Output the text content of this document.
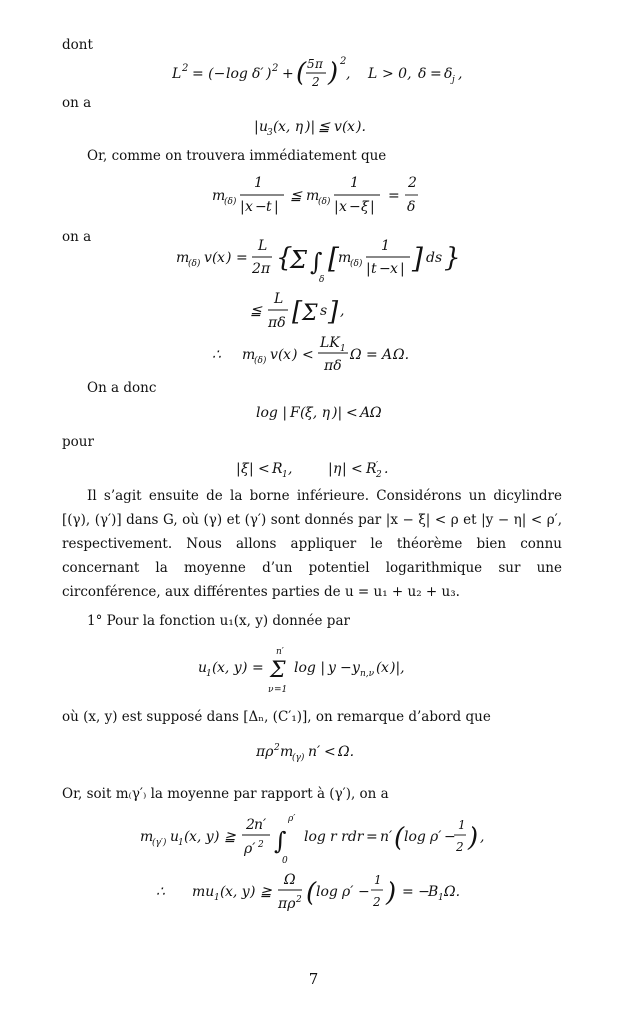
dont
L 2 = (− log δ′ ) 2 + ( 5 π
2 ) 2
, L > 0, δ = δ j ,
on a
| u
3 ( x, η )| ≦ v ( x ).
Or, comme on trouvera immédiatement que
m
(δ)
1
| x − t |
≦ m
(δ)
1
| x − ξ |
=
2
δ
on a
m
(δ) v ( x ) =
L
2 π {
Σ ∫
δ
[ m
(δ)
1
| t − x | ] ds }
≦
L
πδ [ Σ s ] ,
∴ m
(δ) v ( x ) <
LK 1
πδ
Ω = A Ω.
On a donc
log | F ( ξ, η )| < A Ω
pour
| ξ | < R 1 ,	| η | < R ′
2 .
Il s’agit ensuite de la borne inférieure. Considérons un dicylindre [(γ), (γ′)] dans G, où (γ) et (γ′) sont donnés par |x − ξ| < ρ et |y − η| < ρ′, respectivement. Nous allons appliquer le théorème bien connu concernant la moyenne d’un potentiel logarithmique sur une circonférence, aux différentes parties de u = u₁ + u₂ + u₃.
1° Pour la fonction u₁(x, y) donnée par
u
1 ( x, y ) =
n′
Σ
ν =1
log | y − y n,ν ( x )|,
où (x, y) est supposé dans [Δₙ, (C′₁)], on remarque d’abord que
πρ 2 m
(γ) n′ < Ω.
Or, soit m₍γ′₎ la moyenne par rapport à (γ′), on a
m
(γ′) u
1 ( x, y ) ≧
2 n′
ρ′ 2 ∫
ρ′
0
log r rdr = n′ ( log ρ′ −
1
2 ) ,
∴ mu 1 ( x, y ) ≧
Ω
πρ 2 ( log ρ′ −
1
2 ) = −
B 1 Ω.
7
